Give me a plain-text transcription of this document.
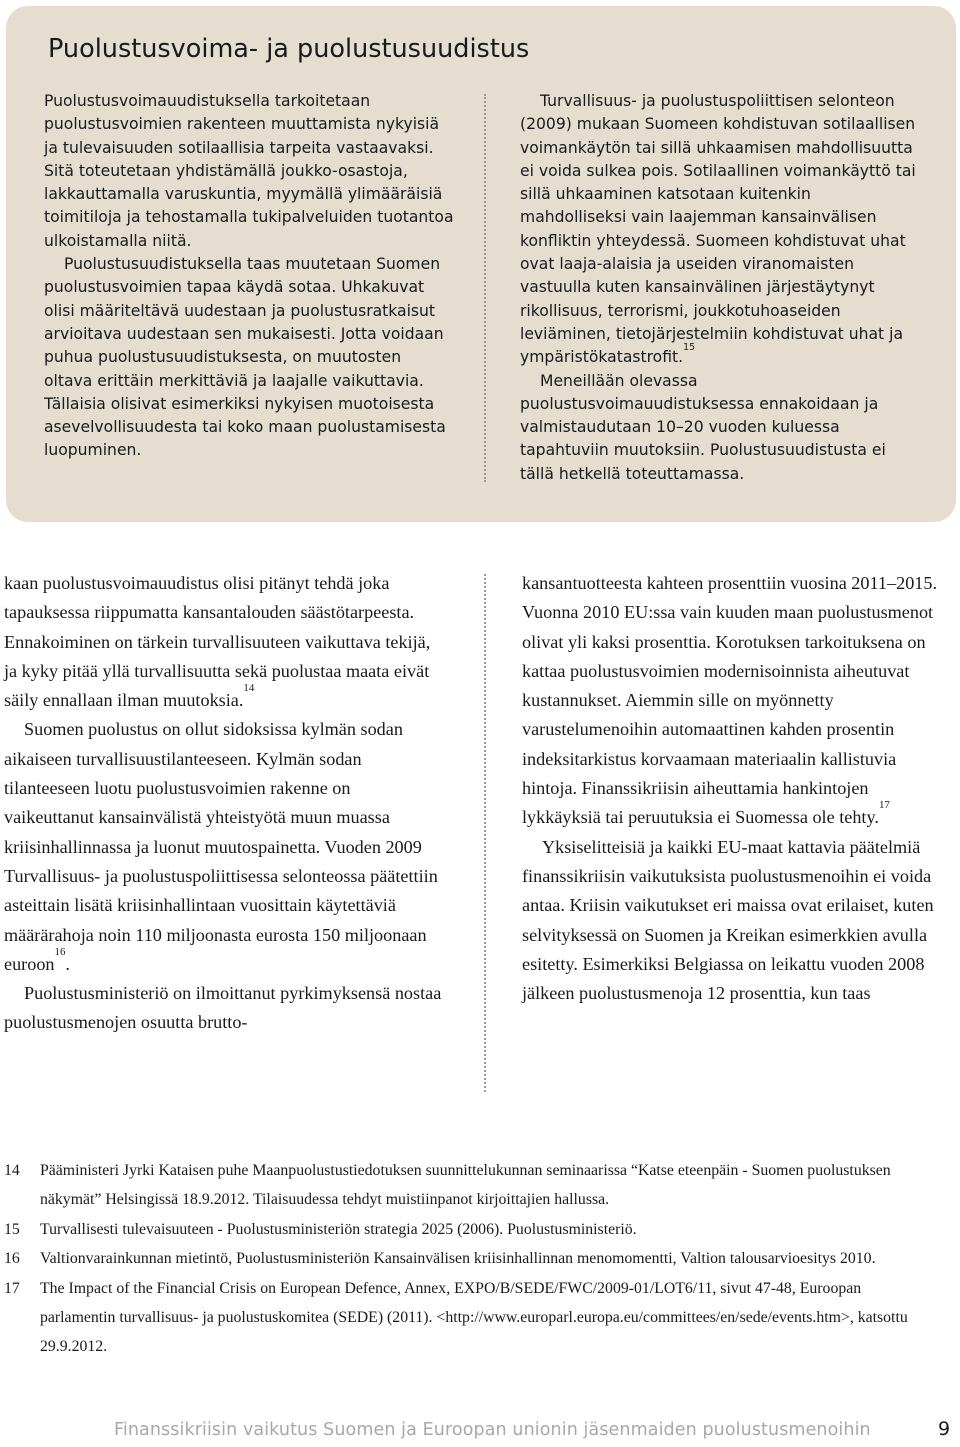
Puolustusvoima- ja puolustusuudistus

Puolustusvoimauudistuksella tarkoitetaan puolustusvoimien rakenteen muuttamista nykyisiä ja tulevaisuuden sotilaallisia tarpeita vastaavaksi. Sitä toteutetaan yhdistämällä joukko-osastoja, lakkauttamalla varuskuntia, myymällä ylimääräisiä toimitiloja ja tehostamalla tukipalveluiden tuotantoa ulkoistamalla niitä.

Puolustusuudistuksella taas muutetaan Suomen puolustusvoimien tapaa käydä sotaa. Uhkakuvat olisi määriteltävä uudestaan ja puolustusratkaisut arvioitava uudestaan sen mukaisesti. Jotta voidaan puhua puolustusuudistuksesta, on muutosten oltava erittäin merkittäviä ja laajalle vaikuttavia. Tällaisia olisivat esimerkiksi nykyisen muotoisesta asevelvollisuudesta tai koko maan puolustamisesta luopuminen.

Turvallisuus- ja puolustuspoliittisen selonteon (2009) mukaan Suomeen kohdistuvan sotilaallisen voimankäytön tai sillä uhkaamisen mahdollisuutta ei voida sulkea pois. Sotilaallinen voimankäyttö tai sillä uhkaaminen katsotaan kuitenkin mahdolliseksi vain laajemman kansainvälisen konfliktin yhteydessä. Suomeen kohdistuvat uhat ovat laaja-alaisia ja useiden viranomaisten vastuulla kuten kansainvälinen järjestäytynyt rikollisuus, terrorismi, joukkotuhoaseiden leviäminen, tietojärjestelmiin kohdistuvat uhat ja ympäristökatastrofit.$^{15}$

Meneillään olevassa puolustusvoimauudistuksessa ennakoidaan ja valmistaudutaan 10–20 vuoden kuluessa tapahtuviin muutoksiin. Puolustusuudistusta ei tällä hetkellä toteuttamassa.

kaan puolustusvoimauudistus olisi pitänyt tehdä joka tapauksessa riippumatta kansantalouden säästötarpeesta. Ennakoiminen on tärkein turvallisuuteen vaikuttava tekijä, ja kyky pitää yllä turvallisuutta sekä puolustaa maata eivät säily ennallaan ilman muutoksia.$^{14}$

Suomen puolustus on ollut sidoksissa kylmän sodan aikaiseen turvallisuustilanteeseen. Kylmän sodan tilanteeseen luotu puolustusvoimien rakenne on vaikeuttanut kansainvälistä yhteistyötä muun muassa kriisinhallinnassa ja luonut muutospainetta. Vuoden 2009 Turvallisuus- ja puolustuspoliittisessa selonteossa päätettiin asteittain lisätä kriisinhallintaan vuosittain käytettäviä määrärahoja noin 110 miljoonasta eurosta 150 miljoonaan euroon$^{16}$.

Puolustusministeriö on ilmoittanut pyrkimyksensä nostaa puolustusmenojen osuutta brutto-

kansantuotteesta kahteen prosenttiin vuosina 2011–2015. Vuonna 2010 EU:ssa vain kuuden maan puolustusmenot olivat yli kaksi prosenttia. Korotuksen tarkoituksena on kattaa puolustusvoimien modernisoinnista aiheutuvat kustannukset. Aiemmin sille on myönnetty varustelumenoihin automaattinen kahden prosentin indeksitarkistus korvaamaan materiaalin kallistuvia hintoja. Finanssikriisin aiheuttamia hankintojen lykkäyksiä tai peruutuksia ei Suomessa ole tehty.$^{17}$

Yksiselitteisiä ja kaikki EU-maat kattavia päätelmiä finanssikriisin vaikutuksista puolustusmenoihin ei voida antaa. Kriisin vaikutukset eri maissa ovat erilaiset, kuten selvityksessä on Suomen ja Kreikan esimerkkien avulla esitetty. Esimerkiksi Belgiassa on leikattu vuoden 2008 jälkeen puolustusmenoja 12 prosenttia, kun taas

14	Pääministeri Jyrki Kataisen puhe Maanpuolustustiedotuksen suunnittelukunnan seminaarissa “Katse eteenpäin - Suomen puolustuksen näkymät” Helsingissä 18.9.2012. Tilaisuudessa tehdyt muistiinpanot kirjoittajien hallussa.
15	Turvallisesti tulevaisuuteen - Puolustusministeriön strategia 2025 (2006). Puolustusministeriö.
16	Valtionvarainkunnan mietintö, Puolustusministeriön Kansainvälisen kriisinhallinnan menomomentti, Valtion talousarvioesitys 2010.
17	The Impact of the Financial Crisis on European Defence, Annex, EXPO/B/SEDE/FWC/2009-01/LOT6/11, sivut 47-48, Euroopan parlamentin turvallisuus- ja puolustuskomitea (SEDE) (2011). <http://www.europarl.europa.eu/committees/en/sede/events.htm>, katsottu 29.9.2012.
Finanssikriisin vaikutus Suomen ja Euroopan unionin jäsenmaiden puolustusmenoihin	9
